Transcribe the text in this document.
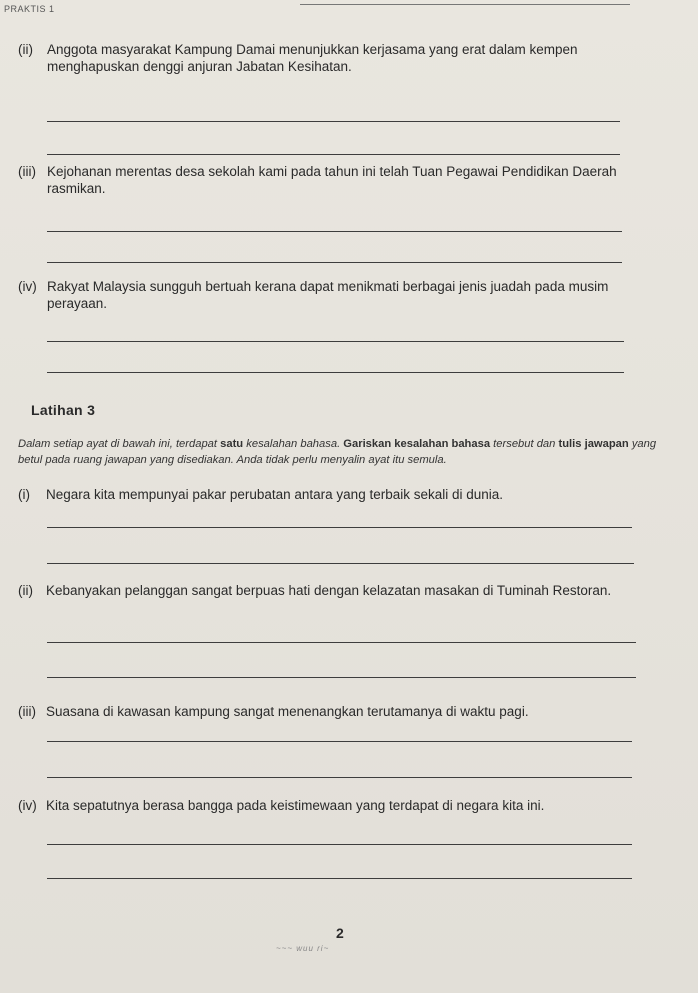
PRAKTIS 1
(ii) Anggota masyarakat Kampung Damai menunjukkan kerjasama yang erat dalam kempen menghapuskan denggi anjuran Jabatan Kesihatan.
(iii) Kejohanan merentas desa sekolah kami pada tahun ini telah Tuan Pegawai Pendidikan Daerah rasmikan.
(iv) Rakyat Malaysia sungguh bertuah kerana dapat menikmati berbagai jenis juadah pada musim perayaan.
Latihan 3
Dalam setiap ayat di bawah ini, terdapat satu kesalahan bahasa. Gariskan kesalahan bahasa tersebut dan tulis jawapan yang betul pada ruang jawapan yang disediakan. Anda tidak perlu menyalin ayat itu semula.
(i) Negara kita mempunyai pakar perubatan antara yang terbaik sekali di dunia.
(ii) Kebanyakan pelanggan sangat berpuas hati dengan kelazatan masakan di Tuminah Restoran.
(iii) Suasana di kawasan kampung sangat menenangkan terutamanya di waktu pagi.
(iv) Kita sepatutnya berasa bangga pada keistimewaan yang terdapat di negara kita ini.
2
~~~ wuu ri~
